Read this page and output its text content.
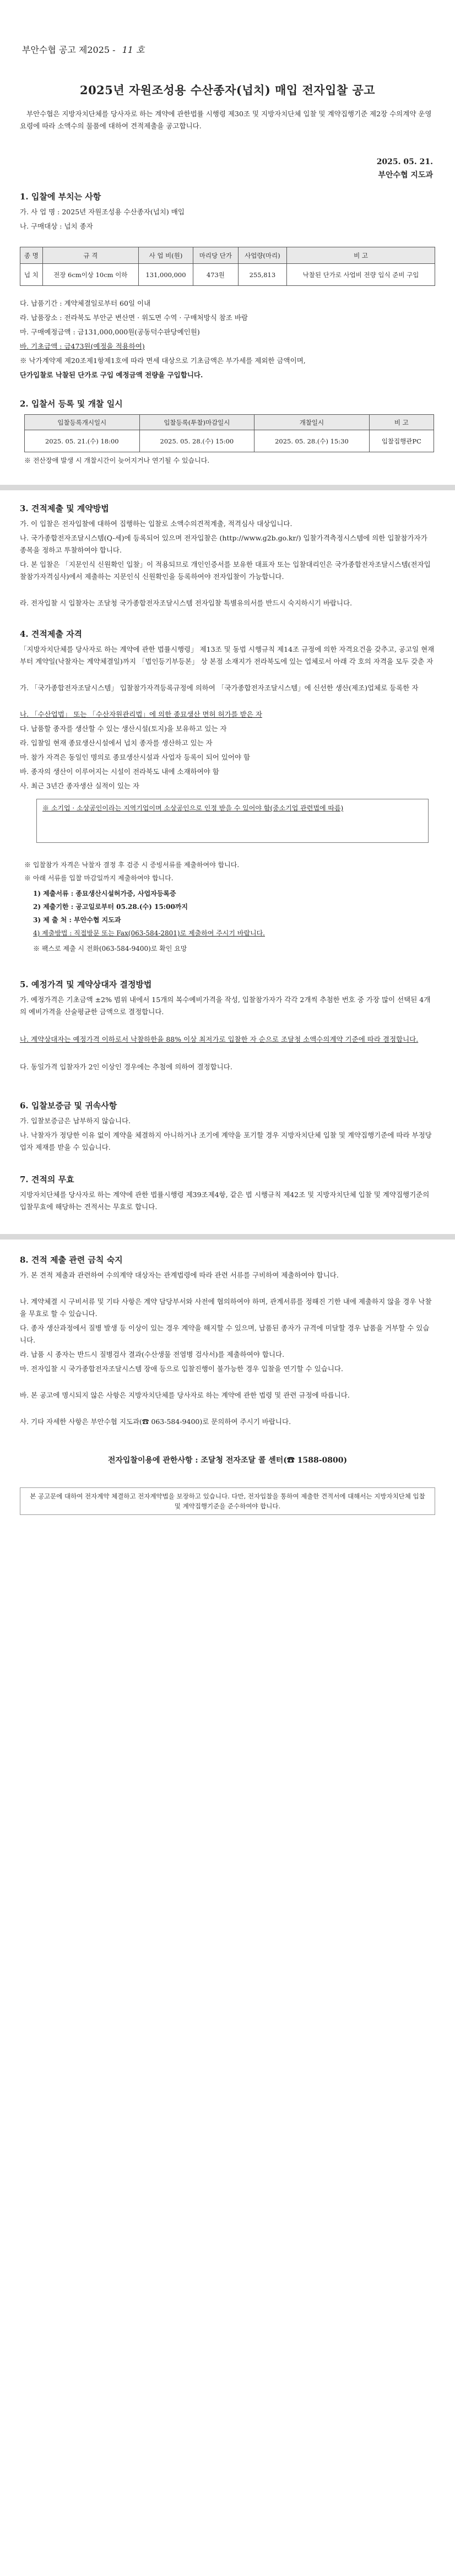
부안수협 공고 제2025 - 11 호
2025년 자원조성용 수산종자(넙치) 매입 전자입찰 공고
부안수협은 지방자치단체를 당사자로 하는 계약에 관한법률 시행령 제30조 및 지방자치단체 입찰 및 계약집행기준 제2장 수의계약 운영요령에 따라 소액수의 물품에 대하여 견적제출을 공고합니다.
2025. 05. 21.
부안수협 지도과
1. 입찰에 부치는 사항
가. 사 업 명 : 2025년 자원조성용 수산종자(넙치) 매입
나. 구매대상 : 넙치 종자
종 명	규 격	사 업 비(원)	마리당 단가	사업량(마리)	비 고
넙 치	전장 6cm이상 10cm 이하	131,000,000	473원	255,813	낙찰된 단가로 사업비 전량 입식 준비 구입
다. 납품기간 : 계약체결일로부터 60일 이내
라. 납품장소 : 전라북도 부안군 변산면 · 위도면 수역 · 구매처방식 참조 바람
마. 구매예정금액 : 금131,000,000원(공동덕수판당예인원)
바. 기초금액 : 금473원(예정을 적용하여)
※ 낙가계약제 제20조제1항제1호에 따라 면세 대상으로 기초금액은 부가세를 제외한 금액이며,
단가입찰로 낙찰된 단가로 구입 예정금액 전량을 구입합니다.
2. 입찰서 등록 및 개찰 일시
입찰등록개시일시	입찰등록(투찰)마감일시	개찰일시	비 고
2025. 05. 21.(수) 18:00	2025. 05. 28.(수) 15:00	2025. 05. 28.(수) 15:30	입찰집행관PC
※ 전산장애 발생 시 개찰시간이 늦어지거나 연기될 수 있습니다.
3. 견적제출 및 계약방법
가. 이 입찰은 전자입찰에 대하여 집행하는 입찰로 소액수의견적계출, 적격심사 대상입니다.
나. 국가종합전자조달시스템(Q-세)에 등록되어 있으며 전자입찰은 (http://www.g2b.go.kr/) 입찰가격측정시스템에 의한 입찰참가자가 종목을 정하고 투찰하여야 합니다.
다. 본 입찰은 「지문인식 신원확인 입찰」이 적용되므로 개인인증서를 보유한 대표자 또는 입찰대리인은 국가종합전자조달시스템(전자입찰참가자격심사)에서 제출하는 지문인식 신원확인을 등록하여야 전자입찰이 가능합니다.
라. 전자입찰 시 입찰자는 조달청 국가종합전자조달시스템 전자입찰 특별유의서를 반드시 숙지하시기 바랍니다.
4. 견적제출 자격
「지방자치단체를 당사자로 하는 계약에 관한 법률시행령」 제13조 및 동법 시행규칙 제14조 규정에 의한 자격요건을 갖추고, 공고일 현재부터 계약일(낙찰자는 계약체결일)까지 「법인등기부등본」 상 본점 소재지가 전라북도에 있는 업체로서 아래 각 호의 자격을 모두 갖춘 자
가. 「국가종합전자조달시스템」 입찰참가자격등록규정에 의하여 「국가종합전자조달시스템」에 신선한 생산(제조)업체로 등록한 자
나. 「수산업법」 또는 「수산자원관리법」에 의한 종묘생산 면허 허가를 받은 자
다. 납품할 종자를 생산할 수 있는 생산시설(토지)을 보유하고 있는 자
라. 입찰일 현재 종묘생산시설에서 넙치 종자를 생산하고 있는 자
마. 참가 자격은 동일인 명의로 종묘생산시설과 사업자 등록이 되어 있어야 함
바. 종자의 생산이 이루어지는 시설이 전라북도 내에 소재하여야 함
사. 최근 3년간 종자생산 실적이 있는 자
※ 소기업 · 소상공인이라는 지역기업이며 소상공인으로 인정 받을 수 있어야 함(중소기업 관련법에 따름)
※ 입찰참가 자격은 낙찰자 결정 후 검증 시 증빙서류를 제출하여야 합니다.
※ 아래 서류를 입찰 마감일까지 제출하여야 합니다.
1) 제출서류 : 종묘생산시설허가증, 사업자등록증
2) 제출기한 : 공고일로부터 05.28.(수) 15:00까지
3) 제 출 처 : 부안수협 지도과
4) 제출방법 : 직접방문 또는 Fax(063-584-2801)로 제출하여 주시기 바랍니다.
※ 팩스로 제출 시 전화(063-584-9400)로 확인 요망
5. 예정가격 및 계약상대자 결정방법
가. 예정가격은 기초금액 ±2% 범위 내에서 15개의 복수예비가격을 작성, 입찰참가자가 각각 2개씩 추첨한 번호 중 가장 많이 선택된 4개의 예비가격을 산술평균한 금액으로 결정합니다.
나. 계약상대자는 예정가격 이하로서 낙찰하한율 88% 이상 최저가로 입찰한 자 순으로 조달청 소액수의계약 기준에 따라 결정합니다.
다. 동일가격 입찰자가 2인 이상인 경우에는 추첨에 의하여 결정합니다.
6. 입찰보증금 및 귀속사항
가. 입찰보증금은 납부하지 않습니다.
나. 낙찰자가 정당한 이유 없이 계약을 체결하지 아니하거나 조기에 계약을 포기할 경우 지방자치단체 입찰 및 계약집행기준에 따라 부정당업자 제재를 받을 수 있습니다.
7. 견적의 무효
지방자치단체를 당사자로 하는 계약에 관한 법률시행령 제39조제4항, 같은 법 시행규칙 제42조 및 지방자치단체 입찰 및 계약집행기준의 입찰무효에 해당하는 견적서는 무효로 합니다.
8. 견적 제출 관련 금칙 숙지
가. 본 견적 제출과 관련하여 수의계약 대상자는 관계법령에 따라 관련 서류를 구비하여 제출하여야 합니다.
나. 계약체결 시 구비서류 및 기타 사항은 계약 담당부서와 사전에 협의하여야 하며, 관계서류를 정해진 기한 내에 제출하지 않을 경우 낙찰을 무효로 할 수 있습니다.
다. 종자 생산과정에서 질병 발생 등 이상이 있는 경우 계약을 해지할 수 있으며, 납품된 종자가 규격에 미달할 경우 납품을 거부할 수 있습니다.
라. 납품 시 종자는 반드시 질병검사 결과(수산생물 전염병 검사서)를 제출하여야 합니다.
마. 전자입찰 시 국가종합전자조달시스템 장애 등으로 입찰진행이 불가능한 경우 입찰을 연기할 수 있습니다.
바. 본 공고에 명시되지 않은 사항은 지방자치단체를 당사자로 하는 계약에 관한 법령 및 관련 규정에 따릅니다.
사. 기타 자세한 사항은 부안수협 지도과(☎ 063-584-9400)로 문의하여 주시기 바랍니다.
전자입찰이용에 관한사항 : 조달청 전자조달 콜 센터(☎ 1588-0800)
본 공고문에 대하여 전자계약 체결하고 전자계약법을 보장하고 있습니다. 다만, 전자입찰을 통하여 제출한 견적서에 대해서는 지방자치단체 입찰 및 계약집행기준을 준수하여야 합니다.
